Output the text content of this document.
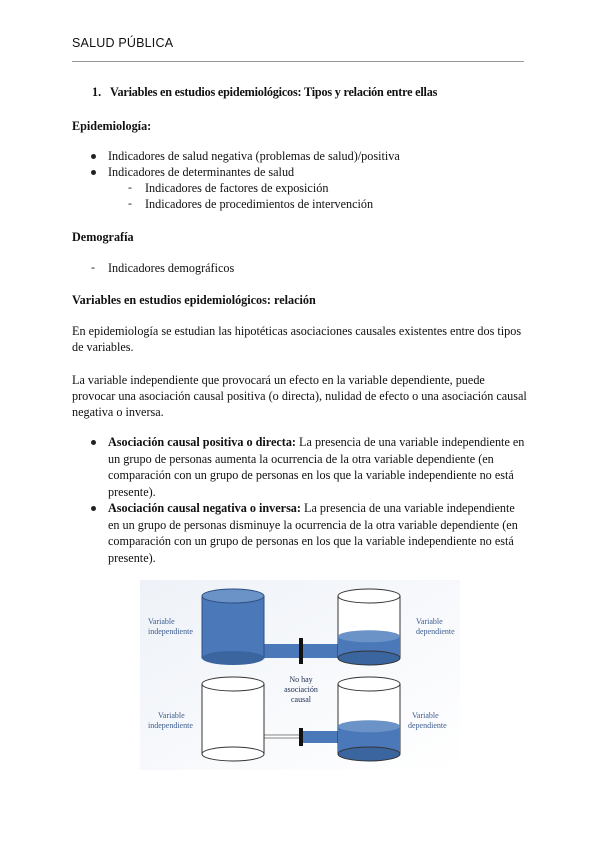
SALUD PÚBLICA
1. Variables en estudios epidemiológicos: Tipos y relación entre ellas
Epidemiología:
Indicadores de salud negativa (problemas de salud)/positiva
Indicadores de determinantes de salud
- Indicadores de factores de exposición
- Indicadores de procedimientos de intervención
Demografía
- Indicadores demográficos
Variables en estudios epidemiológicos: relación
En epidemiología se estudian las hipotéticas asociaciones causales existentes entre dos tipos de variables.
La variable independiente que provocará un efecto en la variable dependiente, puede provocar una asociación causal positiva (o directa), nulidad de efecto o una asociación causal negativa o inversa.
Asociación causal positiva o directa: La presencia de una variable independiente en un grupo de personas aumenta la ocurrencia de la otra variable dependiente (en comparación con un grupo de personas en los que la variable independiente no está presente).
Asociación causal negativa o inversa: La presencia de una variable independiente en un grupo de personas disminuye la ocurrencia de la otra variable dependiente (en comparación con un grupo de personas en los que la variable independiente no está presente).
Variable
independiente
Variable
dependiente
No hay
asociación
causal
Variable
independiente
Variable
dependiente
